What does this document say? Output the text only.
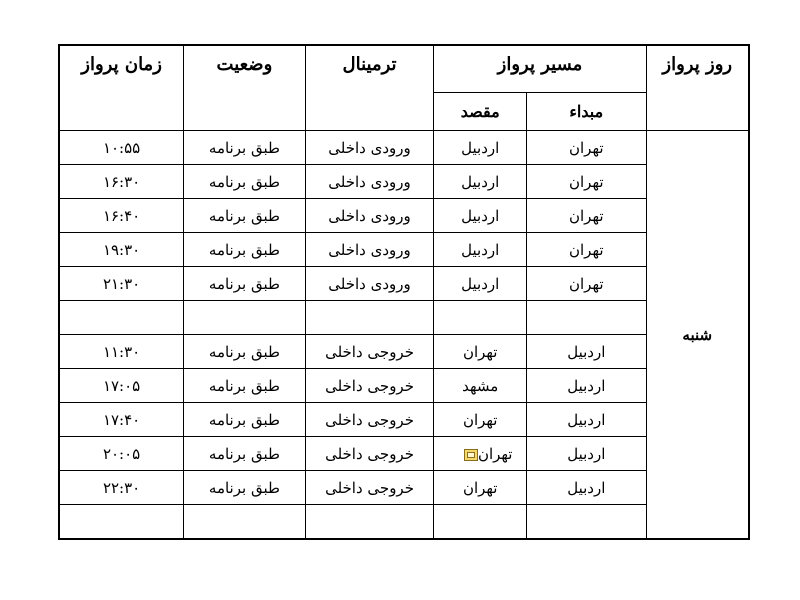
روز پرواز	مسیر پرواز		ترمينال	وضعيت	زمان پرواز
	مبداء	مقصد			
شنبه	تهران	اردبيل	ورودی داخلی	طبق برنامه	۱۰:۵۵
	تهران	اردبيل	ورودی داخلی	طبق برنامه	۱۶:۳۰
	تهران	اردبيل	ورودی داخلی	طبق برنامه	۱۶:۴۰
	تهران	اردبيل	ورودی داخلی	طبق برنامه	۱۹:۳۰
	تهران	اردبيل	ورودی داخلی	طبق برنامه	۲۱:۳۰

	اردبيل	تهران	خروجی داخلی	طبق برنامه	۱۱:۳۰
	اردبيل	مشهد	خروجی داخلی	طبق برنامه	۱۷:۰۵
	اردبيل	تهران	خروجی داخلی	طبق برنامه	۱۷:۴۰
	اردبيل	تهران	خروجی داخلی	طبق برنامه	۲۰:۰۵
	اردبيل	تهران	خروجی داخلی	طبق برنامه	۲۲:۳۰
